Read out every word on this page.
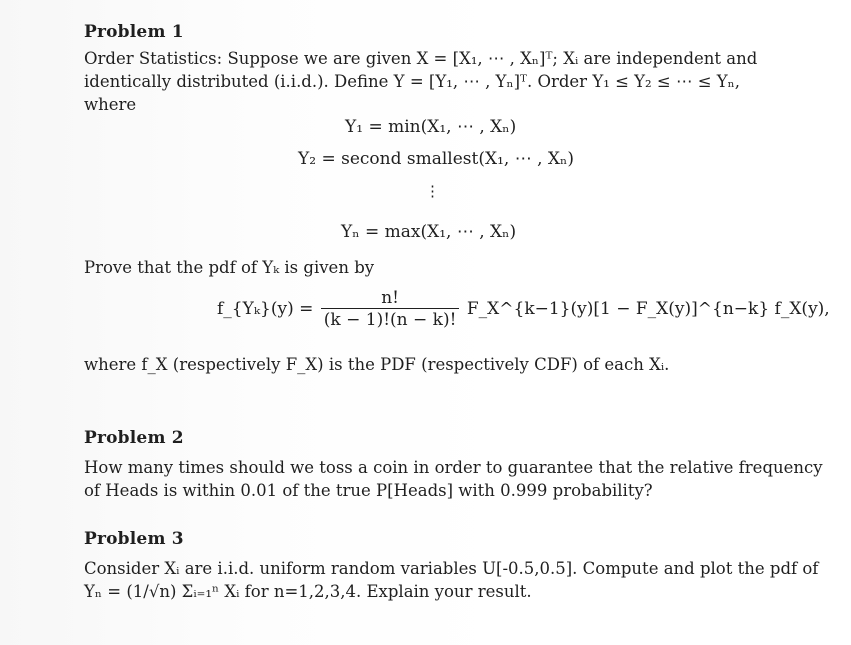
Problem 1
Order Statistics: Suppose we are given X = [X₁, ⋯ , Xₙ]ᵀ; Xᵢ are independent and
identically distributed (i.i.d.). Define Y = [Y₁, ⋯ , Yₙ]ᵀ. Order Y₁ ≤ Y₂ ≤ ⋯ ≤ Yₙ,
where
Y₁ = min(X₁, ⋯ , Xₙ)
Y₂ = second smallest(X₁, ⋯ , Xₙ)
⋮
Yₙ = max(X₁, ⋯ , Xₙ)
Prove that the pdf of Yₖ is given by
f_{Yₖ}(y) = $\frac{n!}{(k - 1)!(n - k)!}$ F_X^{k−1}(y)[1 − F_X(y)]^{n−k} f_X(y),
where f_X (respectively F_X) is the PDF (respectively CDF) of each Xᵢ.
Problem 2
How many times should we toss a coin in order to guarantee that the relative frequency
of Heads is within 0.01 of the true P[Heads] with 0.999 probability?
Problem 3
Consider Xᵢ are i.i.d. uniform random variables U[-0.5,0.5]. Compute and plot the pdf of
Yₙ = (1/√n) Σᵢ₌₁ⁿ Xᵢ for n=1,2,3,4. Explain your result.
